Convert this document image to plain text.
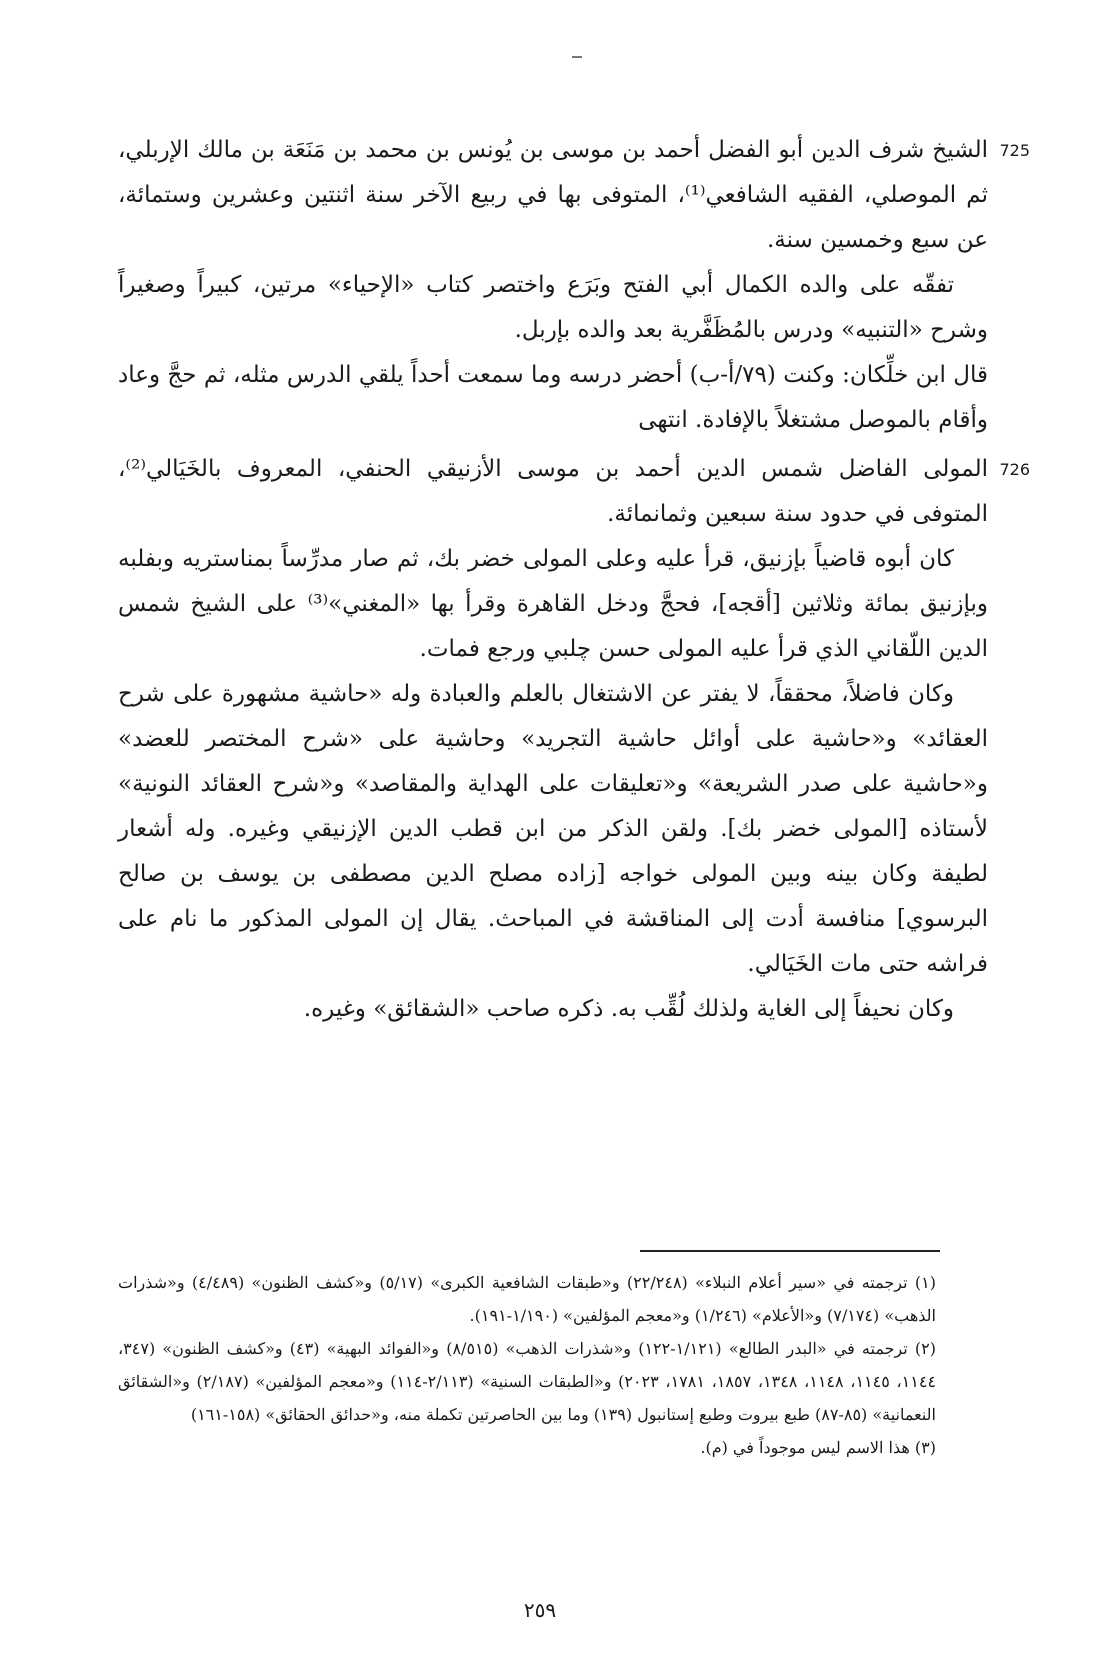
725
الشيخ شرف الدين أبو الفضل أحمد بن موسى بن يُونس بن محمد بن مَنَعَة بن مالك الإربلي، ثم الموصلي، الفقيه الشافعي⁽¹⁾، المتوفى بها في ربيع الآخر سنة اثنتين وعشرين وستمائة، عن سبع وخمسين سنة.

تفقّه على والده الكمال أبي الفتح وبَرَع واختصر كتاب «الإحياء» مرتين، كبيراً وصغيراً وشرح «التنبيه» ودرس بالمُظَفَّرية بعد والده بإربل.

قال ابن خلِّكان: وكنت (٧٩/أ-ب) أحضر درسه وما سمعت أحداً يلقي الدرس مثله، ثم حجَّ وعاد وأقام بالموصل مشتغلاً بالإفادة. انتهى

726
المولى الفاضل شمس الدين أحمد بن موسى الأزنيقي الحنفي، المعروف بالخَيَالي⁽²⁾، المتوفى في حدود سنة سبعين وثمانمائة.

كان أبوه قاضياً بإزنيق، قرأ عليه وعلى المولى خضر بك، ثم صار مدرِّساً بمناستريه وبفلبه وبإزنيق بمائة وثلاثين [أقجه]، فحجَّ ودخل القاهرة وقرأ بها «المغني»⁽³⁾ على الشيخ شمس الدين اللّقاني الذي قرأ عليه المولى حسن چلبي ورجع فمات.

وكان فاضلاً، محققاً، لا يفتر عن الاشتغال بالعلم والعبادة وله «حاشية مشهورة على شرح العقائد» و«حاشية على أوائل حاشية التجريد» وحاشية على «شرح المختصر للعضد» و«حاشية على صدر الشريعة» و«تعليقات على الهداية والمقاصد» و«شرح العقائد النونية» لأستاذه [المولى خضر بك]. ولقن الذكر من ابن قطب الدين الإزنيقي وغيره. وله أشعار لطيفة وكان بينه وبين المولى خواجه [زاده مصلح الدين مصطفى بن يوسف بن صالح البرسوي] منافسة أدت إلى المناقشة في المباحث. يقال إن المولى المذكور ما نام على فراشه حتى مات الخَيَالي.

وكان نحيفاً إلى الغاية ولذلك لُقِّب به. ذكره صاحب «الشقائق» وغيره.

(١) ترجمته في «سير أعلام النبلاء» (٢٢/٢٤٨) و«طبقات الشافعية الكبرى» (٥/١٧) و«كشف الظنون» (٤/٤٨٩) و«شذرات الذهب» (٧/١٧٤) و«الأعلام» (١/٢٤٦) و«معجم المؤلفين» (١/١٩٠-١٩١).

(٢) ترجمته في «البدر الطالع» (١/١٢١-١٢٢) و«شذرات الذهب» (٨/٥١٥) و«الفوائد البهية» (٤٣) و«كشف الظنون» (٣٤٧، ١١٤٤، ١١٤٥، ١١٤٨، ١٣٤٨، ١٨٥٧، ١٧٨١، ٢٠٢٣) و«الطبقات السنية» (٢/١١٣-١١٤) و«معجم المؤلفين» (٢/١٨٧) و«الشقائق النعمانية» (٨٥-٨٧) طبع بيروت وطبع إستانبول (١٣٩) وما بين الحاصرتين تكملة منه، و«حدائق الحقائق» (١٥٨-١٦١)

(٣) هذا الاسم ليس موجوداً في (م).

٢٥٩
